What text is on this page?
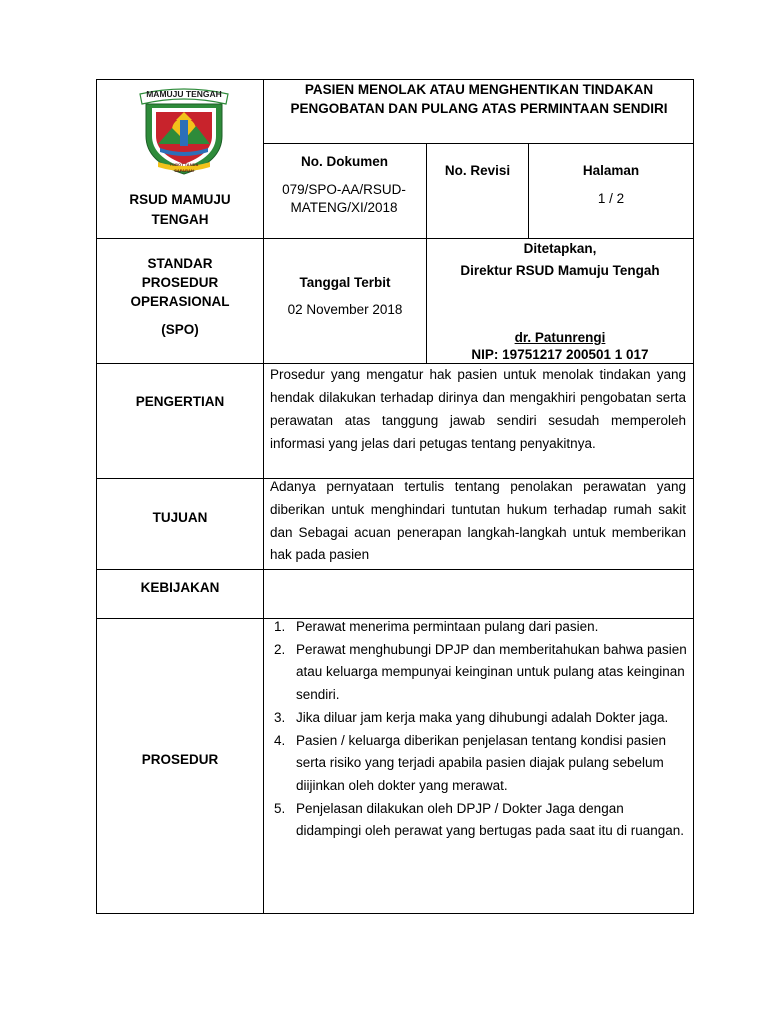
MAMUJU TENGAH
TOBOT TANDA SAPARAN
RSUD MAMUJU TENGAH
PASIEN MENOLAK ATAU MENGHENTIKAN TINDAKAN PENGOBATAN DAN PULANG ATAS PERMINTAAN SENDIRI
No. Dokumen
079/SPO-AA/RSUD-MATENG/XI/2018
No. Revisi	Halaman
1 / 2
STANDAR
PROSEDUR
OPERASIONAL
(SPO)
Tanggal Terbit
02 November 2018
Ditetapkan,
Direktur RSUD Mamuju Tengah
dr. Patunrengi
NIP: 19751217 200501 1 017
PENGERTIAN
Prosedur yang mengatur hak pasien untuk menolak tindakan yang hendak dilakukan terhadap dirinya dan mengakhiri pengobatan serta perawatan atas tanggung jawab sendiri sesudah memperoleh informasi yang jelas dari petugas tentang penyakitnya.
TUJUAN
Adanya pernyataan tertulis tentang penolakan perawatan yang diberikan untuk menghindari tuntutan hukum terhadap rumah sakit dan Sebagai acuan penerapan langkah-langkah untuk memberikan hak pada pasien
KEBIJAKAN
PROSEDUR
1. Perawat menerima permintaan pulang dari pasien.
2. Perawat menghubungi DPJP dan memberitahukan bahwa pasien atau keluarga mempunyai keinginan untuk pulang atas keinginan sendiri.
3. Jika diluar jam kerja maka yang dihubungi adalah Dokter jaga.
4. Pasien / keluarga diberikan penjelasan tentang kondisi pasien serta risiko yang terjadi apabila pasien diajak pulang sebelum diijinkan oleh dokter yang merawat.
5. Penjelasan dilakukan oleh DPJP / Dokter Jaga dengan didampingi oleh perawat yang bertugas pada saat itu di ruangan.
